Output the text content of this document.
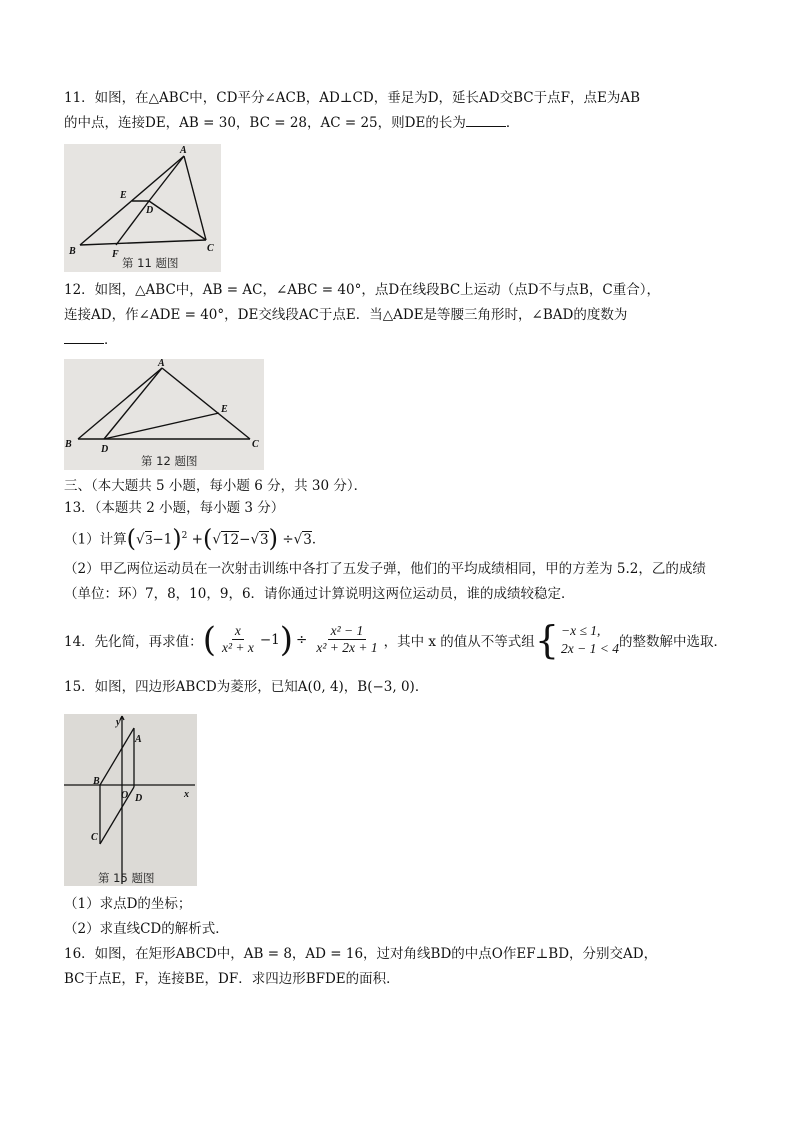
11．如图，在△ABC中，CD平分∠ACB，AD⊥CD，垂足为D，延长AD交BC于点F，点E为AB

的中点，连接DE，AB = 30，BC = 28，AC = 25，则DE的长为	．

A
B	C
D
E
F
第 11 题图

12．如图，△ABC中，AB = AC，∠ABC = 40°，点D在线段BC上运动（点D不与点B，C重合），

连接AD，作∠ADE = 40°，DE交线段AC于点E．当△ADE是等腰三角形时，∠BAD的度数为

．

A
B	C
D
E
第 12 题图

三、（本大题共 5 小题，每小题 6 分，共 30 分）．

13．（本题共 2 小题，每小题 3 分）

（1）计算$(√3-1)^2 +(√12-√3) \div√3$．

（2）甲乙两位运动员在一次射击训练中各打了五发子弹，他们的平均成绩相同，甲的方差为 5.2，乙的成绩

（单位：环）7，8，10，9，6．请你通过计算说明这两位运动员，谁的成绩较稳定．

14．先化简，再求值： ( $\frac{x}{\text{x² + x}} -1$ ) ÷ $\frac{\text{x² − 1}}{\text{x² + 2x + 1}}$ ，其中 x 的值从不等式组 { −x ≤ 1,
2x − 1 < 4 的整数解中选取．

15．如图，四边形ABCD为菱形，已知A(0, 4)，B(−3, 0)．

y
x
A
B
C
D
O
第 15 题图

（1）求点D的坐标；

（2）求直线CD的解析式．

16．如图，在矩形ABCD中，AB = 8，AD = 16，过对角线BD的中点O作EF⊥BD，分别交AD，

BC于点E，F，连接BE，DF．求四边形BFDE的面积．
